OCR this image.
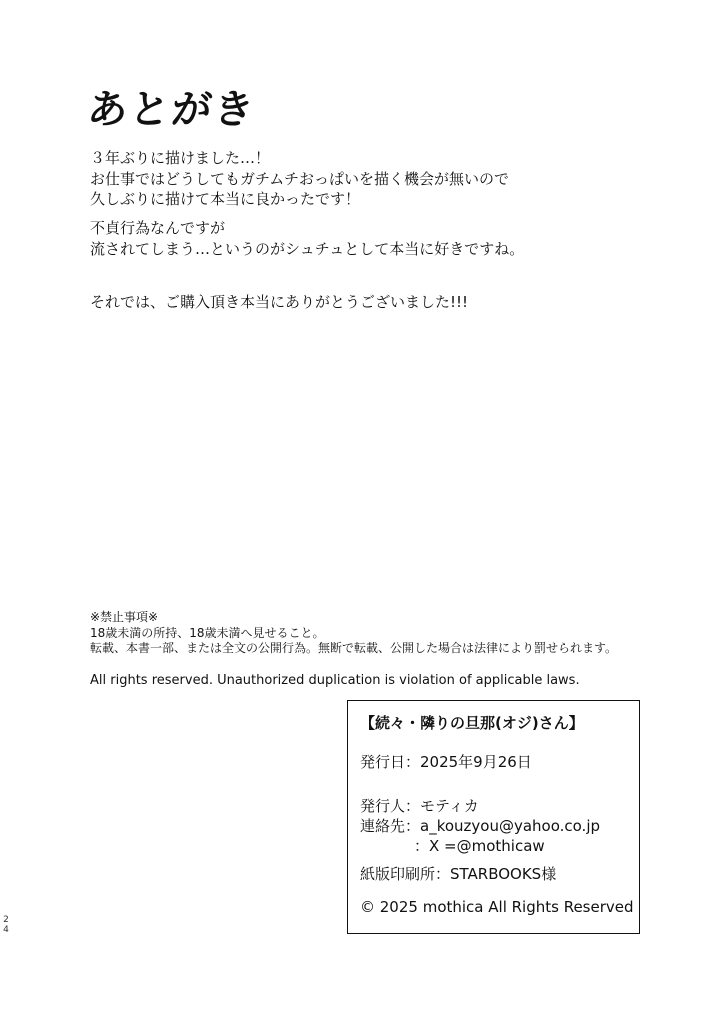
あとがき
３年ぶりに描けました…！
お仕事ではどうしてもガチムチおっぱいを描く機会が無いので
久しぶりに描けて本当に良かったです！
不貞行為なんですが
流されてしまう…というのがシュチュとして本当に好きですね。
それでは、ご購入頂き本当にありがとうございました!!!
※禁止事項※
18歳未満の所持、18歳未満へ見せること。
転載、本書一部、または全文の公開行為。無断で転載、公開した場合は法律により罰せられます。
All rights reserved. Unauthorized duplication is violation of applicable laws.
【続々・隣りの旦那(オジ)さん】
発行日：2025年9月26日
発行人：モティカ
連絡先：a_kouzyou@yahoo.co.jp
：X =@mothicaw
紙版印刷所：STARBOOKS様
© 2025 mothica All Rights Reserved
2
4
